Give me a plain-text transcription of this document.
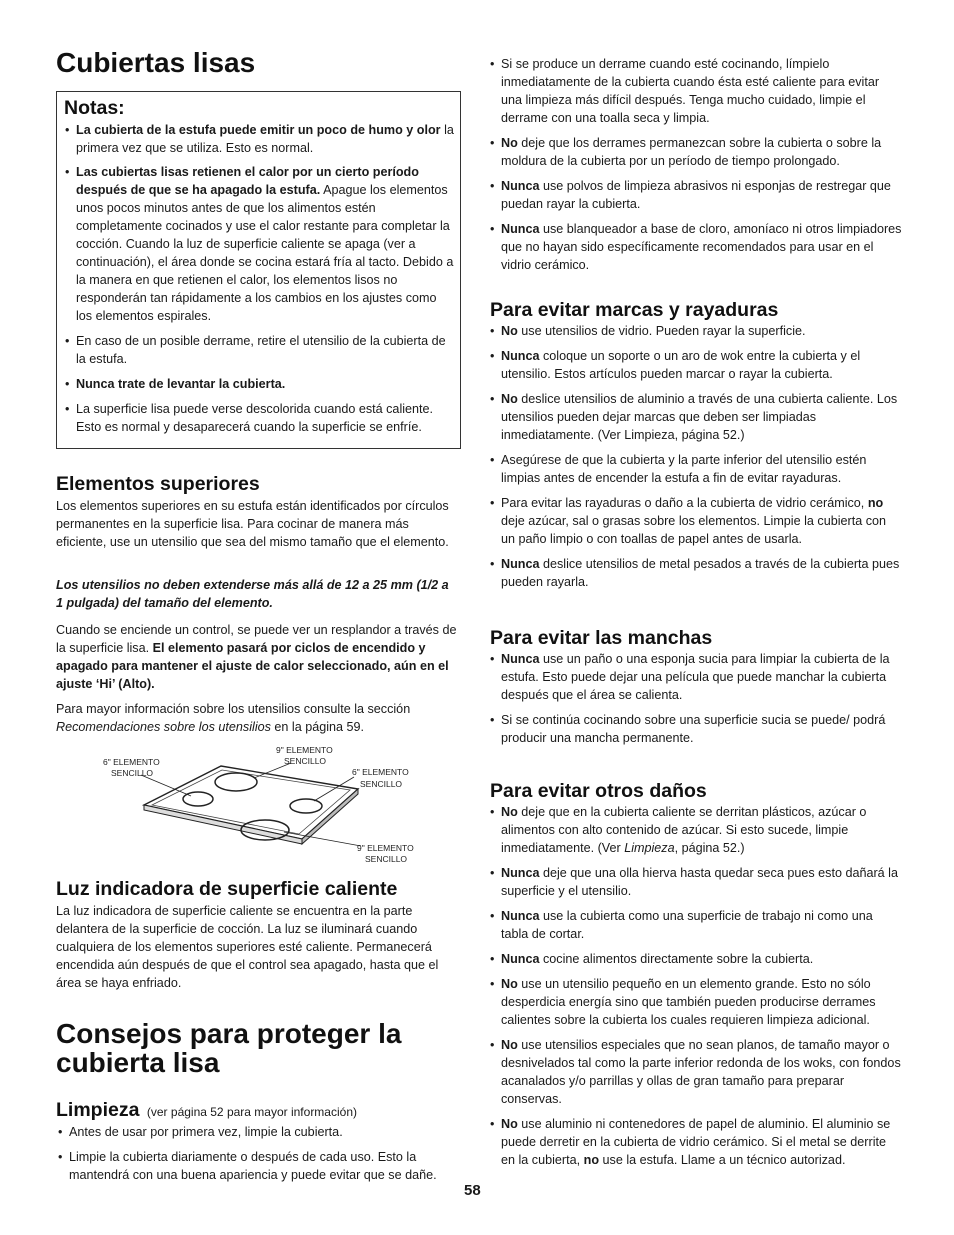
Cubiertas lisas
Notas:
• La cubierta de la estufa puede emitir un poco de humo y olor la primera vez que se utiliza. Esto es normal.
• Las cubiertas lisas retienen el calor por un cierto período después de que se ha apagado la estufa. Apague los elementos unos pocos minutos antes de que los alimentos estén completamente cocinados y use el calor restante para completar la cocción. Cuando la luz de superficie caliente se apaga (ver a continuación), el área donde se cocina estará fría al tacto. Debido a la manera en que retienen el calor, los elementos lisos no responderán tan rápidamente a los cambios en los ajustes como los elementos espirales.
• En caso de un posible derrame, retire el utensilio de la cubierta de la estufa.
• Nunca trate de levantar la cubierta.
• La superficie lisa puede verse descolorida cuando está caliente. Esto es normal y desaparecerá cuando la superficie se enfríe.
Elementos superiores

Los elementos superiores en su estufa están identificados por círculos permanentes en la superficie lisa. Para cocinar de manera más eficiente, use un utensilio que sea del mismo tamaño que el elemento.

Los utensilios no deben extenderse más allá de 12 a 25 mm (1/2 a 1 pulgada) del tamaño del elemento.

Cuando se enciende un control, se puede ver un resplandor a través de la superficie lisa. El elemento pasará por ciclos de encendido y apagado para mantener el ajuste de calor seleccionado, aún en el ajuste ‘Hi’ (Alto).

Para mayor información sobre los utensilios consulte la sección Recomendaciones sobre los utensilios en la página 59.

6" ELEMENTO
SENCILLO
9" ELEMENTO
SENCILLO
6" ELEMENTO
SENCILLO
9" ELEMENTO
SENCILLO
Luz indicadora de superficie caliente

La luz indicadora de superficie caliente se encuentra en la parte delantera de la superficie de cocción. La luz se iluminará cuando cualquiera de los elementos superiores esté caliente. Permanecerá encendida aún después de que el control sea apagado, hasta que el área se haya enfriado.

Consejos para proteger la
cubierta lisa
Limpieza (ver página 52 para mayor información)
• Antes de usar por primera vez, limpie la cubierta.
• Limpie la cubierta diariamente o después de cada uso. Esto la mantendrá con una buena apariencia y puede evitar que se dañe.
• Si se produce un derrame cuando esté cocinando, límpielo inmediatamente de la cubierta cuando ésta esté caliente para evitar una limpieza más difícil después. Tenga mucho cuidado, limpie el derrame con una toalla seca y limpia.
• No deje que los derrames permanezcan sobre la cubierta o sobre la moldura de la cubierta por un período de tiempo prolongado.
• Nunca use polvos de limpieza abrasivos ni esponjas de restregar que puedan rayar la cubierta.
• Nunca use blanqueador a base de cloro, amoníaco ni otros limpiadores que no hayan sido específicamente recomendados para usar en el vidrio cerámico.
Para evitar marcas y rayaduras
• No use utensilios de vidrio. Pueden rayar la superficie.
• Nunca coloque un soporte o un aro de wok entre la cubierta y el utensilio. Estos artículos pueden marcar o rayar la cubierta.
• No deslice utensilios de aluminio a través de una cubierta caliente. Los utensilios pueden dejar marcas que deben ser limpiadas inmediatamente. (Ver Limpieza, página 52.)
• Asegúrese de que la cubierta y la parte inferior del utensilio estén limpias antes de encender la estufa a fin de evitar rayaduras.
• Para evitar las rayaduras o daño a la cubierta de vidrio cerámico, no deje azúcar, sal o grasas sobre los elementos. Limpie la cubierta con un paño limpio o con toallas de papel antes de usarla.
• Nunca deslice utensilios de metal pesados a través de la cubierta pues pueden rayarla.
Para evitar las manchas
• Nunca use un paño o una esponja sucia para limpiar la cubierta de la estufa. Esto puede dejar una película que puede manchar la cubierta después que el área se calienta.
• Si se continúa cocinando sobre una superficie sucia se puede/ podrá producir una mancha permanente.
Para evitar otros daños
• No deje que en la cubierta caliente se derritan plásticos, azúcar o alimentos con alto contenido de azúcar. Si esto sucede, limpie inmediatamente. (Ver Limpieza, página 52.)
• Nunca deje que una olla hierva hasta quedar seca pues esto dañará la superficie y el utensilio.
• Nunca use la cubierta como una superficie de trabajo ni como una tabla de cortar.
• Nunca cocine alimentos directamente sobre la cubierta.
• No use un utensilio pequeño en un elemento grande. Esto no sólo desperdicia energía sino que también pueden producirse derrames calientes sobre la cubierta los cuales requieren limpieza adicional.
• No use utensilios especiales que no sean planos, de tamaño mayor o desnivelados tal como la parte inferior redonda de los woks, con fondos acanalados y/o parrillas y ollas de gran tamaño para preparar conservas.
• No use aluminio ni contenedores de papel de aluminio. El aluminio se puede derretir en la cubierta de vidrio cerámico. Si el metal se derrite en la cubierta, no use la estufa. Llame a un técnico autorizad.
58
